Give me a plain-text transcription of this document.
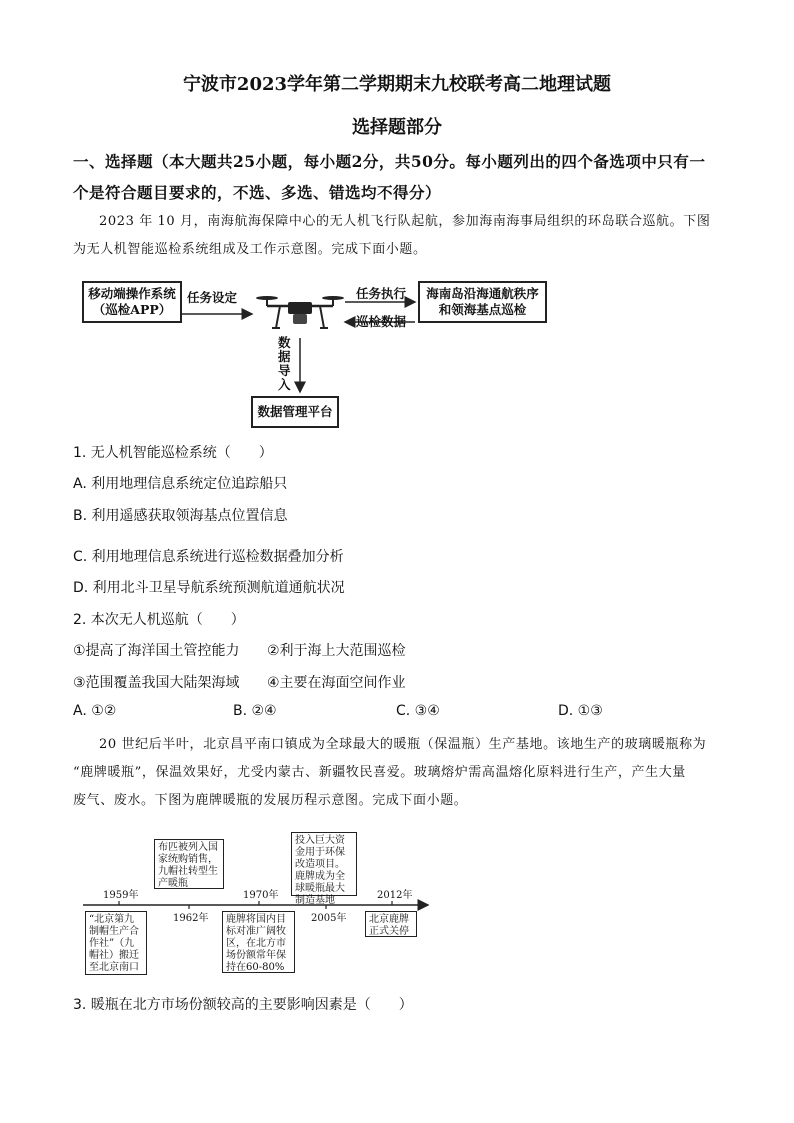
宁波市2023学年第二学期期末九校联考高二地理试题
选择题部分
一、选择题（本大题共25小题，每小题2分，共50分。每小题列出的四个备选项中只有一
个是符合题目要求的，不选、多选、错选均不得分）
2023 年 10 月，南海航海保障中心的无人机飞行队起航，参加海南海事局组织的环岛联合巡航。下图
为无人机智能巡检系统组成及工作示意图。完成下面小题。
移动端操作系统
（巡检APP）
任务设定	任务执行
巡检数据
海南岛沿海通航秩序
和领海基点巡检
数
据
导
入
数据管理平台
1. 无人机智能巡检系统（　　）
A. 利用地理信息系统定位追踪船只
B. 利用遥感获取领海基点位置信息
C. 利用地理信息系统进行巡检数据叠加分析
D. 利用北斗卫星导航系统预测航道通航状况
2. 本次无人机巡航（　　）
①提高了海洋国土管控能力 ②利于海上大范围巡检
③范围覆盖我国大陆架海域 ④主要在海面空间作业
A. ①②	B. ②④	C. ③④	D. ①③
20 世纪后半叶，北京昌平南口镇成为全球最大的暖瓶（保温瓶）生产基地。该地生产的玻璃暖瓶称为
“鹿牌暖瓶”，保温效果好，尤受内蒙古、新疆牧民喜爱。玻璃熔炉需高温熔化原料进行生产，产生大量
废气、废水。下图为鹿牌暖瓶的发展历程示意图。完成下面小题。
1959年
1962年
1970年
2005年
2012年
“北京第九制帽生产合作社”（九帽社）搬迁至北京南口
布匹被列入国家统购销售，九帽社转型生产暖瓶
鹿牌将国内目标对准广阔牧区，在北方市场份额常年保持在60-80%
投入巨大资金用于环保改造项目。鹿牌成为全球暖瓶最大制造基地
北京鹿牌正式关停
3. 暖瓶在北方市场份额较高的主要影响因素是（　　）
